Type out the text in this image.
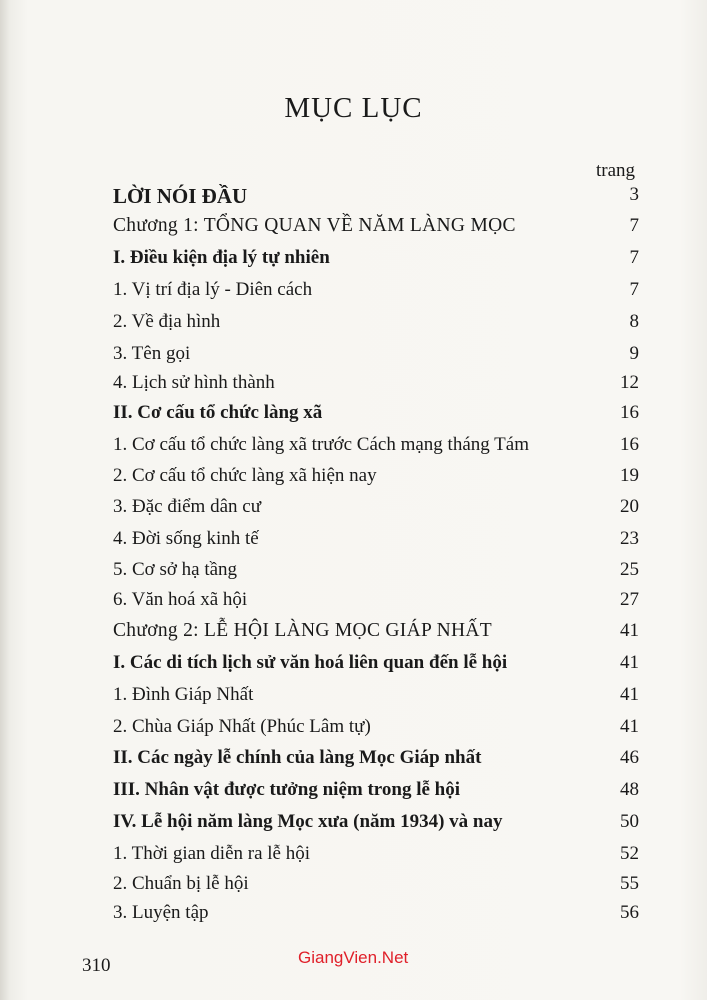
MỤC LỤC
trang
LỜI NÓI ĐẦU	3
Chương 1: TỔNG QUAN VỀ NĂM LÀNG MỌC	7
I. Điều kiện địa lý tự nhiên	7
1. Vị trí địa lý - Diên cách	7
2. Về địa hình	8
3. Tên gọi	9
4. Lịch sử hình thành	12
II. Cơ cấu tổ chức làng xã	16
1. Cơ cấu tổ chức làng xã trước Cách mạng tháng Tám	16
2. Cơ cấu tổ chức làng xã hiện nay	19
3. Đặc điểm dân cư	20
4. Đời sống kinh tế	23
5. Cơ sở hạ tầng	25
6. Văn hoá xã hội	27
Chương 2: LỄ HỘI LÀNG MỌC GIÁP NHẤT	41
I. Các di tích lịch sử văn hoá liên quan đến lễ hội	41
1. Đình Giáp Nhất	41
2. Chùa Giáp Nhất (Phúc Lâm tự)	41
II. Các ngày lễ chính của làng Mọc Giáp nhất	46
III. Nhân vật được tưởng niệm trong lễ hội	48
IV. Lễ hội năm làng Mọc xưa (năm 1934) và nay	50
1. Thời gian diễn ra lễ hội	52
2. Chuẩn bị lễ hội	55
3. Luyện tập	56
310	GiangVien.Net
